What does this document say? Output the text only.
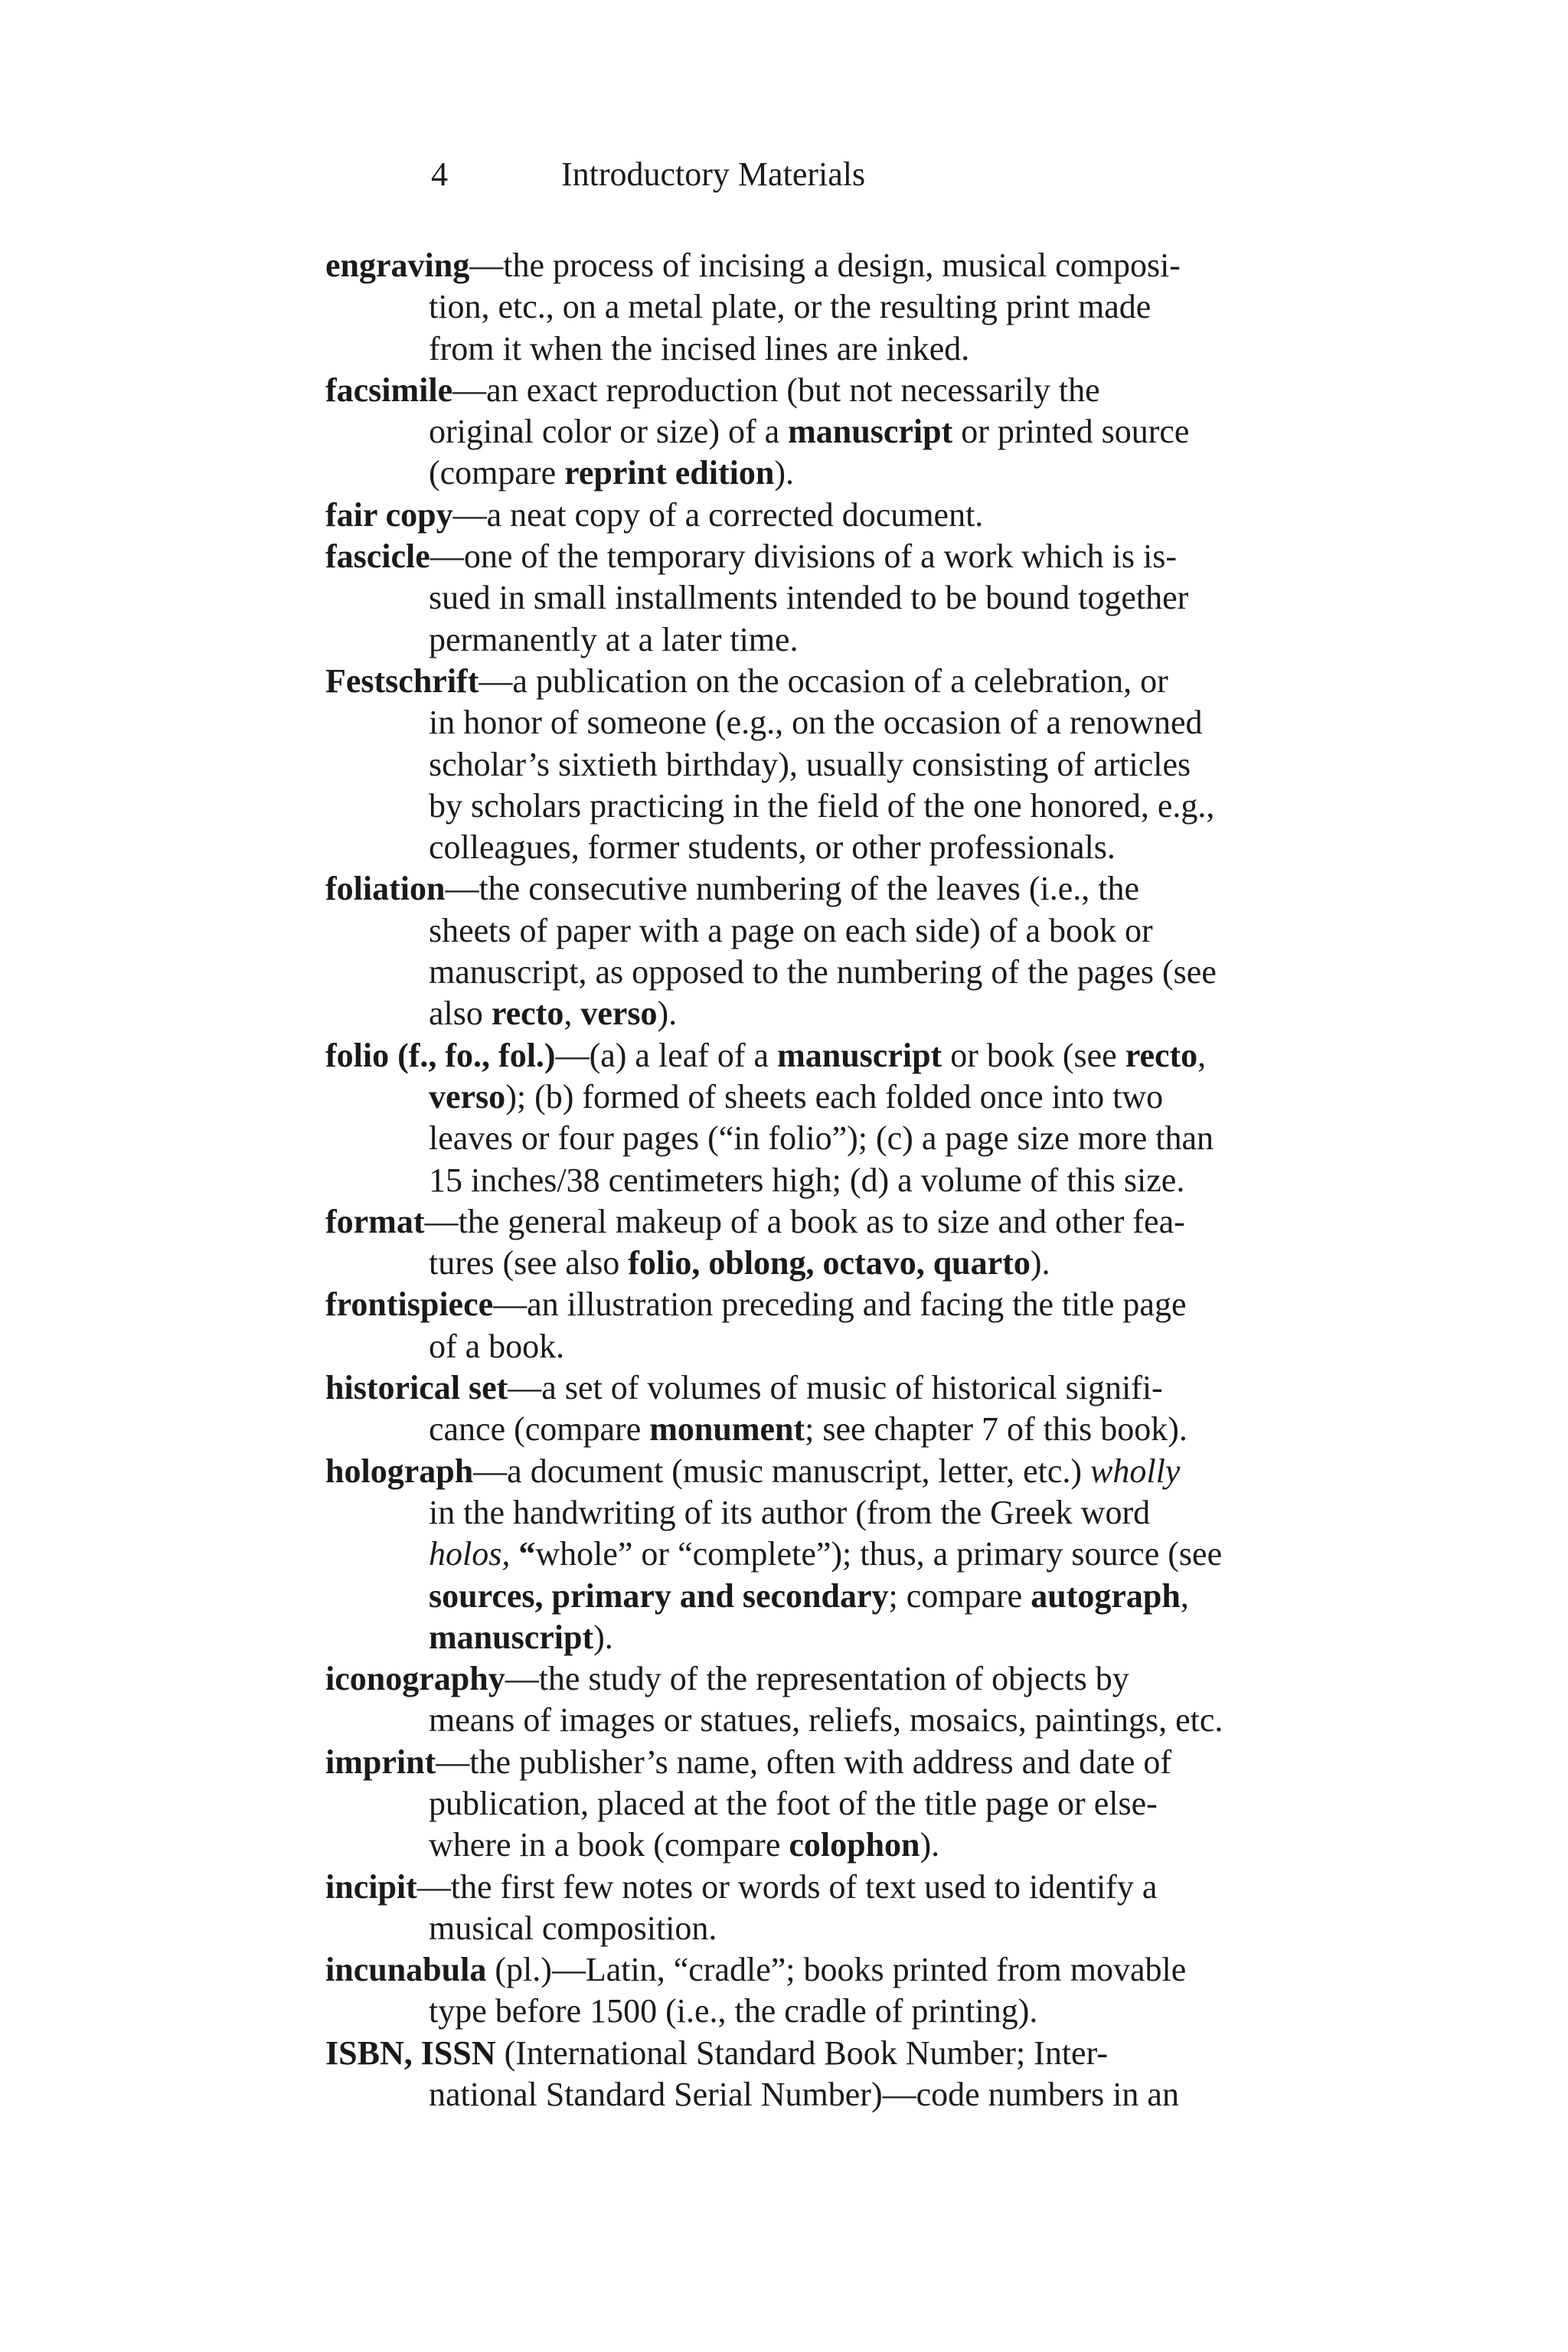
4	Introductory Materials
engraving—the process of incising a design, musical composi-
tion, etc., on a metal plate, or the resulting print made
from it when the incised lines are inked.
facsimile—an exact reproduction (but not necessarily the
original color or size) of a manuscript or printed source
(compare reprint edition).
fair copy—a neat copy of a corrected document.
fascicle—one of the temporary divisions of a work which is is-
sued in small installments intended to be bound together
permanently at a later time.
Festschrift—a publication on the occasion of a celebration, or
in honor of someone (e.g., on the occasion of a renowned
scholar’s sixtieth birthday), usually consisting of articles
by scholars practicing in the field of the one honored, e.g.,
colleagues, former students, or other professionals.
foliation—the consecutive numbering of the leaves (i.e., the
sheets of paper with a page on each side) of a book or
manuscript, as opposed to the numbering of the pages (see
also recto, verso).
folio (f., fo., fol.)—(a) a leaf of a manuscript or book (see recto,
verso); (b) formed of sheets each folded once into two
leaves or four pages (“in folio”); (c) a page size more than
15 inches/38 centimeters high; (d) a volume of this size.
format—the general makeup of a book as to size and other fea-
tures (see also folio, oblong, octavo, quarto).
frontispiece—an illustration preceding and facing the title page
of a book.
historical set—a set of volumes of music of historical signifi-
cance (compare monument; see chapter 7 of this book).
holograph—a document (music manuscript, letter, etc.) wholly
in the handwriting of its author (from the Greek word
holos, “whole” or “complete”); thus, a primary source (see
sources, primary and secondary; compare autograph,
manuscript).
iconography—the study of the representation of objects by
means of images or statues, reliefs, mosaics, paintings, etc.
imprint—the publisher’s name, often with address and date of
publication, placed at the foot of the title page or else-
where in a book (compare colophon).
incipit—the first few notes or words of text used to identify a
musical composition.
incunabula (pl.)—Latin, “cradle”; books printed from movable
type before 1500 (i.e., the cradle of printing).
ISBN, ISSN (International Standard Book Number; Inter-
national Standard Serial Number)—code numbers in an
